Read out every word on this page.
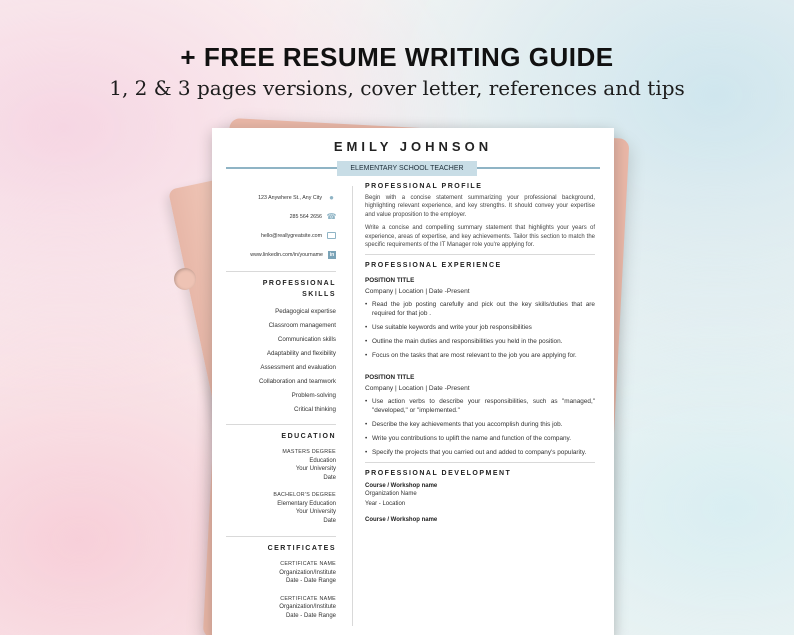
+ FREE RESUME WRITING GUIDE
1, 2 & 3 pages versions, cover letter, references and tips
EMILY JOHNSON
ELEMENTARY SCHOOL TEACHER
123 Anywhere St., Any City ●
285 564 2656 ☎
hello@reallygreatsite.com
www.linkedin.com/in/yourname	in
PROFESSIONAL
SKILLS
Pedagogical expertise
Classroom management
Communication skills
Adaptability and flexibility
Assessment and evaluation
Collaboration and teamwork
Problem-solving
Critical thinking
EDUCATION
MASTERS DEGREE
Education
Your University
Date
BACHELOR'S DEGREE
Elementary Education
Your University
Date
CERTIFICATES
CERTIFICATE NAME
Organization/Institute
Date - Date Range
CERTIFICATE NAME
Organization/Institute
Date - Date Range
PROFESSIONAL PROFILE
Begin with a concise statement summarizing your professional background, highlighting relevant experience, and key strengths. It should convey your expertise and value proposition to the employer.
Write a concise and compelling summary statement that highlights your years of experience, areas of expertise, and key achievements. Tailor this section to match the specific requirements of the IT Manager role you're applying for.
PROFESSIONAL EXPERIENCE
POSITION TITLE
Company | Location | Date -Present
• Read the job posting carefully and pick out the key skills/duties that are required for that job .
• Use suitable keywords and write your job responsibilities
• Outline the main duties and responsibilities you held in the position.
• Focus on the tasks that are most relevant to the job you are applying for.
POSITION TITLE
Company | Location | Date -Present
• Use action verbs to describe your responsibilities, such as "managed," "developed," or "implemented."
• Describe the key achievements that you accomplish during this job.
• Write you contributions to uplift the name and function of the company.
• Specify the projects that you carried out and added to company's popularity.
PROFESSIONAL DEVELOPMENT
Course / Workshop name
Organization Name
Year - Location
Course / Workshop name
